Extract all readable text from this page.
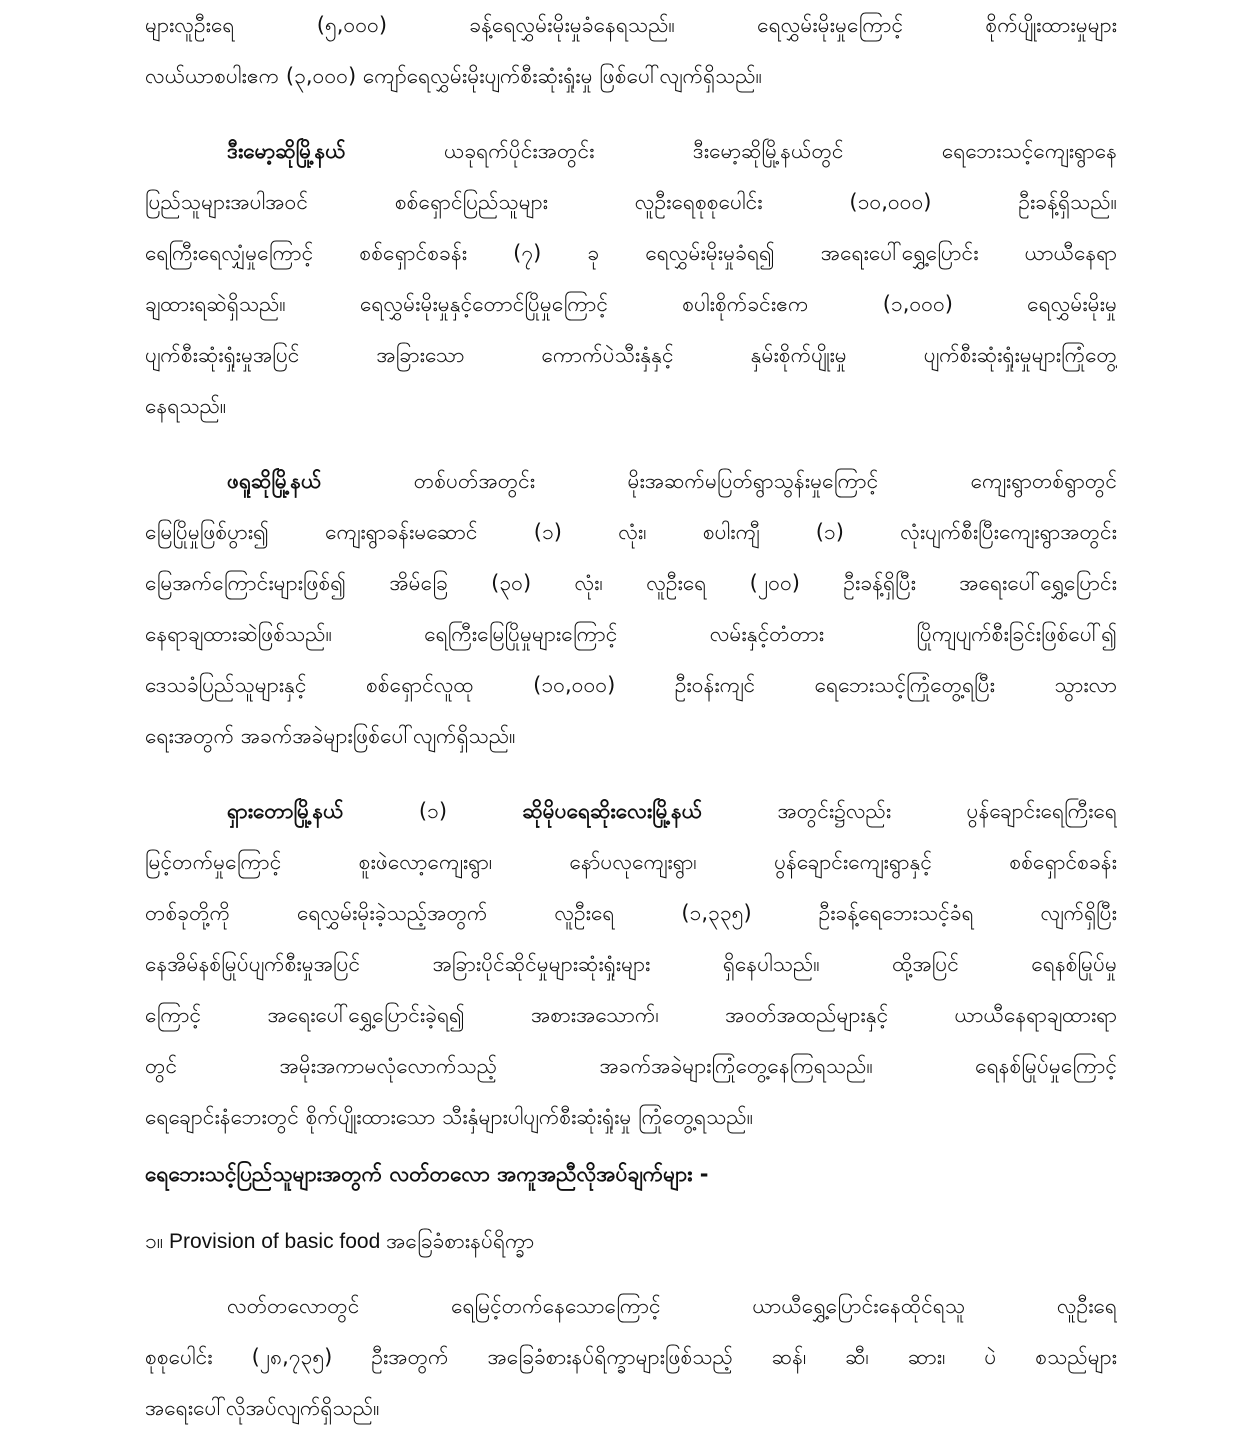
များလူဦးရေ (၅,၀၀၀) ခန့်ရေလွှမ်းမိုးမှုခံနေရသည်။ ရေလွှမ်းမိုးမှုကြောင့် စိုက်ပျိုးထားမှုများ
လယ်ယာစပါးဧက (၃,၀၀၀) ကျော်ရေလွှမ်းမိုးပျက်စီးဆုံးရှုံးမှု ဖြစ်ပေါ်လျက်ရှိသည်။
ဒီးမော့ဆိုမြို့နယ် ယခုရက်ပိုင်းအတွင်း ဒီးမော့ဆိုမြို့နယ်တွင် ရေဘေးသင့်ကျေးရွာနေ
ပြည်သူများအပါအဝင် စစ်ရှောင်ပြည်သူများ လူဦးရေစုစုပေါင်း (၁၀,၀၀၀) ဦးခန့်ရှိသည်။
ရေကြီးရေလျှံမှုကြောင့် စစ်ရှောင်စခန်း (၇) ခု ရေလွှမ်းမိုးမှုခံရ၍ အရေးပေါ်ရွှေ့ပြောင်း ယာယီနေရာ
ချထားရဆဲရှိသည်။ ရေလွှမ်းမိုးမှုနှင့်တောင်ပြိုမှုကြောင့် စပါးစိုက်ခင်းဧက (၁,၀၀၀) ရေလွှမ်းမိုးမှု
ပျက်စီးဆုံးရှုံးမှုအပြင် အခြားသော ကောက်ပဲသီးနှံနှင့် နှမ်းစိုက်ပျိုးမှု ပျက်စီးဆုံးရှုံးမှုများကြုံတွေ့
နေရသည်။
ဖရူဆိုမြို့နယ် တစ်ပတ်အတွင်း မိုးအဆက်မပြတ်ရွာသွန်းမှုကြောင့် ကျေးရွာတစ်ရွာတွင်
မြေပြိုမှုဖြစ်ပွား၍ ကျေးရွာခန်းမဆောင် (၁) လုံး၊ စပါးကျီ (၁) လုံးပျက်စီးပြီးကျေးရွာအတွင်း
မြေအက်ကြောင်းများဖြစ်၍ အိမ်ခြေ (၃၀) လုံး၊ လူဦးရေ (၂၀၀) ဦးခန့်ရှိပြီး အရေးပေါ်ရွှေ့ပြောင်း
နေရာချထားဆဲဖြစ်သည်။ ရေကြီးမြေပြိုမှုများကြောင့် လမ်းနှင့်တံတား ပြိုကျပျက်စီးခြင်းဖြစ်ပေါ်၍
ဒေသခံပြည်သူများနှင့် စစ်ရှောင်လူထု (၁၀,၀၀၀) ဦးဝန်းကျင် ရေဘေးသင့်ကြုံတွေ့ရပြီး သွားလာ
ရေးအတွက် အခက်အခဲများဖြစ်ပေါ်လျက်ရှိသည်။
ရှားတောမြို့နယ် (၁) ဆိုမိုပရေဆိုးလေးမြို့နယ် အတွင်း၌လည်း ပွန်ချောင်းရေကြီးရေ
မြင့်တက်မှုကြောင့် စူးဖဲလော့ကျေးရွာ၊ နော်ပလုကျေးရွာ၊ ပွန်ချောင်းကျေးရွာနှင့် စစ်ရှောင်စခန်း
တစ်ခုတို့ကို ရေလွှမ်းမိုးခဲ့သည့်အတွက် လူဦးရေ (၁,၃၃၅) ဦးခန့်ရေဘေးသင့်ခံရ လျက်ရှိပြီး
နေအိမ်နစ်မြုပ်ပျက်စီးမှုအပြင် အခြားပိုင်ဆိုင်မှုများဆုံးရှုံးများ ရှိနေပါသည်။ ထို့အပြင် ရေနစ်မြုပ်မှု
ကြောင့် အရေးပေါ်ရွှေ့ပြောင်းခဲ့ရ၍ အစားအသောက်၊ အဝတ်အထည်များနှင့် ယာယီနေရာချထားရာ
တွင် အမိုးအကာမလုံလောက်သည့် အခက်အခဲများကြုံတွေ့နေကြရသည်။ ရေနစ်မြုပ်မှုကြောင့်
ရေချောင်းနံဘေးတွင် စိုက်ပျိုးထားသော သီးနှံများပါပျက်စီးဆုံးရှုံးမှု ကြုံတွေ့ရသည်။
ရေဘေးသင့်ပြည်သူများအတွက် လတ်တလော အကူအညီလိုအပ်ချက်များ -
၁။ Provision of basic food အခြေခံစားနပ်ရိက္ခာ
လတ်တလောတွင် ရေမြင့်တက်နေသောကြောင့် ယာယီရွှေ့ပြောင်းနေထိုင်ရသူ လူဦးရေ
စုစုပေါင်း (၂၈,၇၃၅) ဦးအတွက် အခြေခံစားနပ်ရိက္ခာများဖြစ်သည့် ဆန်၊ ဆီ၊ ဆား၊ ပဲ စသည်များ
အရေးပေါ်လိုအပ်လျက်ရှိသည်။
